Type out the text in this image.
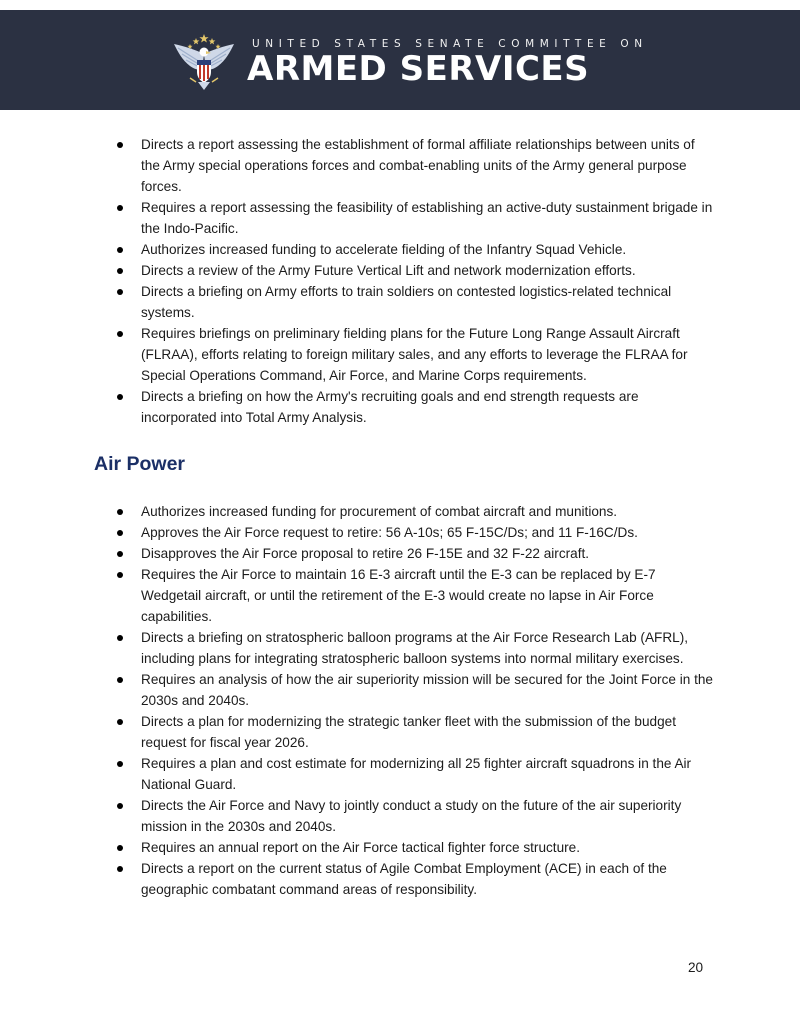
UNITED STATES SENATE COMMITTEE ON
ARMED SERVICES
Directs a report assessing the establishment of formal affiliate relationships between units of the Army special operations forces and combat-enabling units of the Army general purpose forces.
Requires a report assessing the feasibility of establishing an active-duty sustainment brigade in the Indo-Pacific.
Authorizes increased funding to accelerate fielding of the Infantry Squad Vehicle.
Directs a review of the Army Future Vertical Lift and network modernization efforts.
Directs a briefing on Army efforts to train soldiers on contested logistics-related technical systems.
Requires briefings on preliminary fielding plans for the Future Long Range Assault Aircraft (FLRAA), efforts relating to foreign military sales, and any efforts to leverage the FLRAA for Special Operations Command, Air Force, and Marine Corps requirements.
Directs a briefing on how the Army's recruiting goals and end strength requests are incorporated into Total Army Analysis.
Air Power
Authorizes increased funding for procurement of combat aircraft and munitions.
Approves the Air Force request to retire: 56 A-10s; 65 F-15C/Ds; and 11 F-16C/Ds.
Disapproves the Air Force proposal to retire 26 F-15E and 32 F-22 aircraft.
Requires the Air Force to maintain 16 E-3 aircraft until the E-3 can be replaced by E-7 Wedgetail aircraft, or until the retirement of the E-3 would create no lapse in Air Force capabilities.
Directs a briefing on stratospheric balloon programs at the Air Force Research Lab (AFRL), including plans for integrating stratospheric balloon systems into normal military exercises.
Requires an analysis of how the air superiority mission will be secured for the Joint Force in the 2030s and 2040s.
Directs a plan for modernizing the strategic tanker fleet with the submission of the budget request for fiscal year 2026.
Requires a plan and cost estimate for modernizing all 25 fighter aircraft squadrons in the Air National Guard.
Directs the Air Force and Navy to jointly conduct a study on the future of the air superiority mission in the 2030s and 2040s.
Requires an annual report on the Air Force tactical fighter force structure.
Directs a report on the current status of Agile Combat Employment (ACE) in each of the geographic combatant command areas of responsibility.
20
